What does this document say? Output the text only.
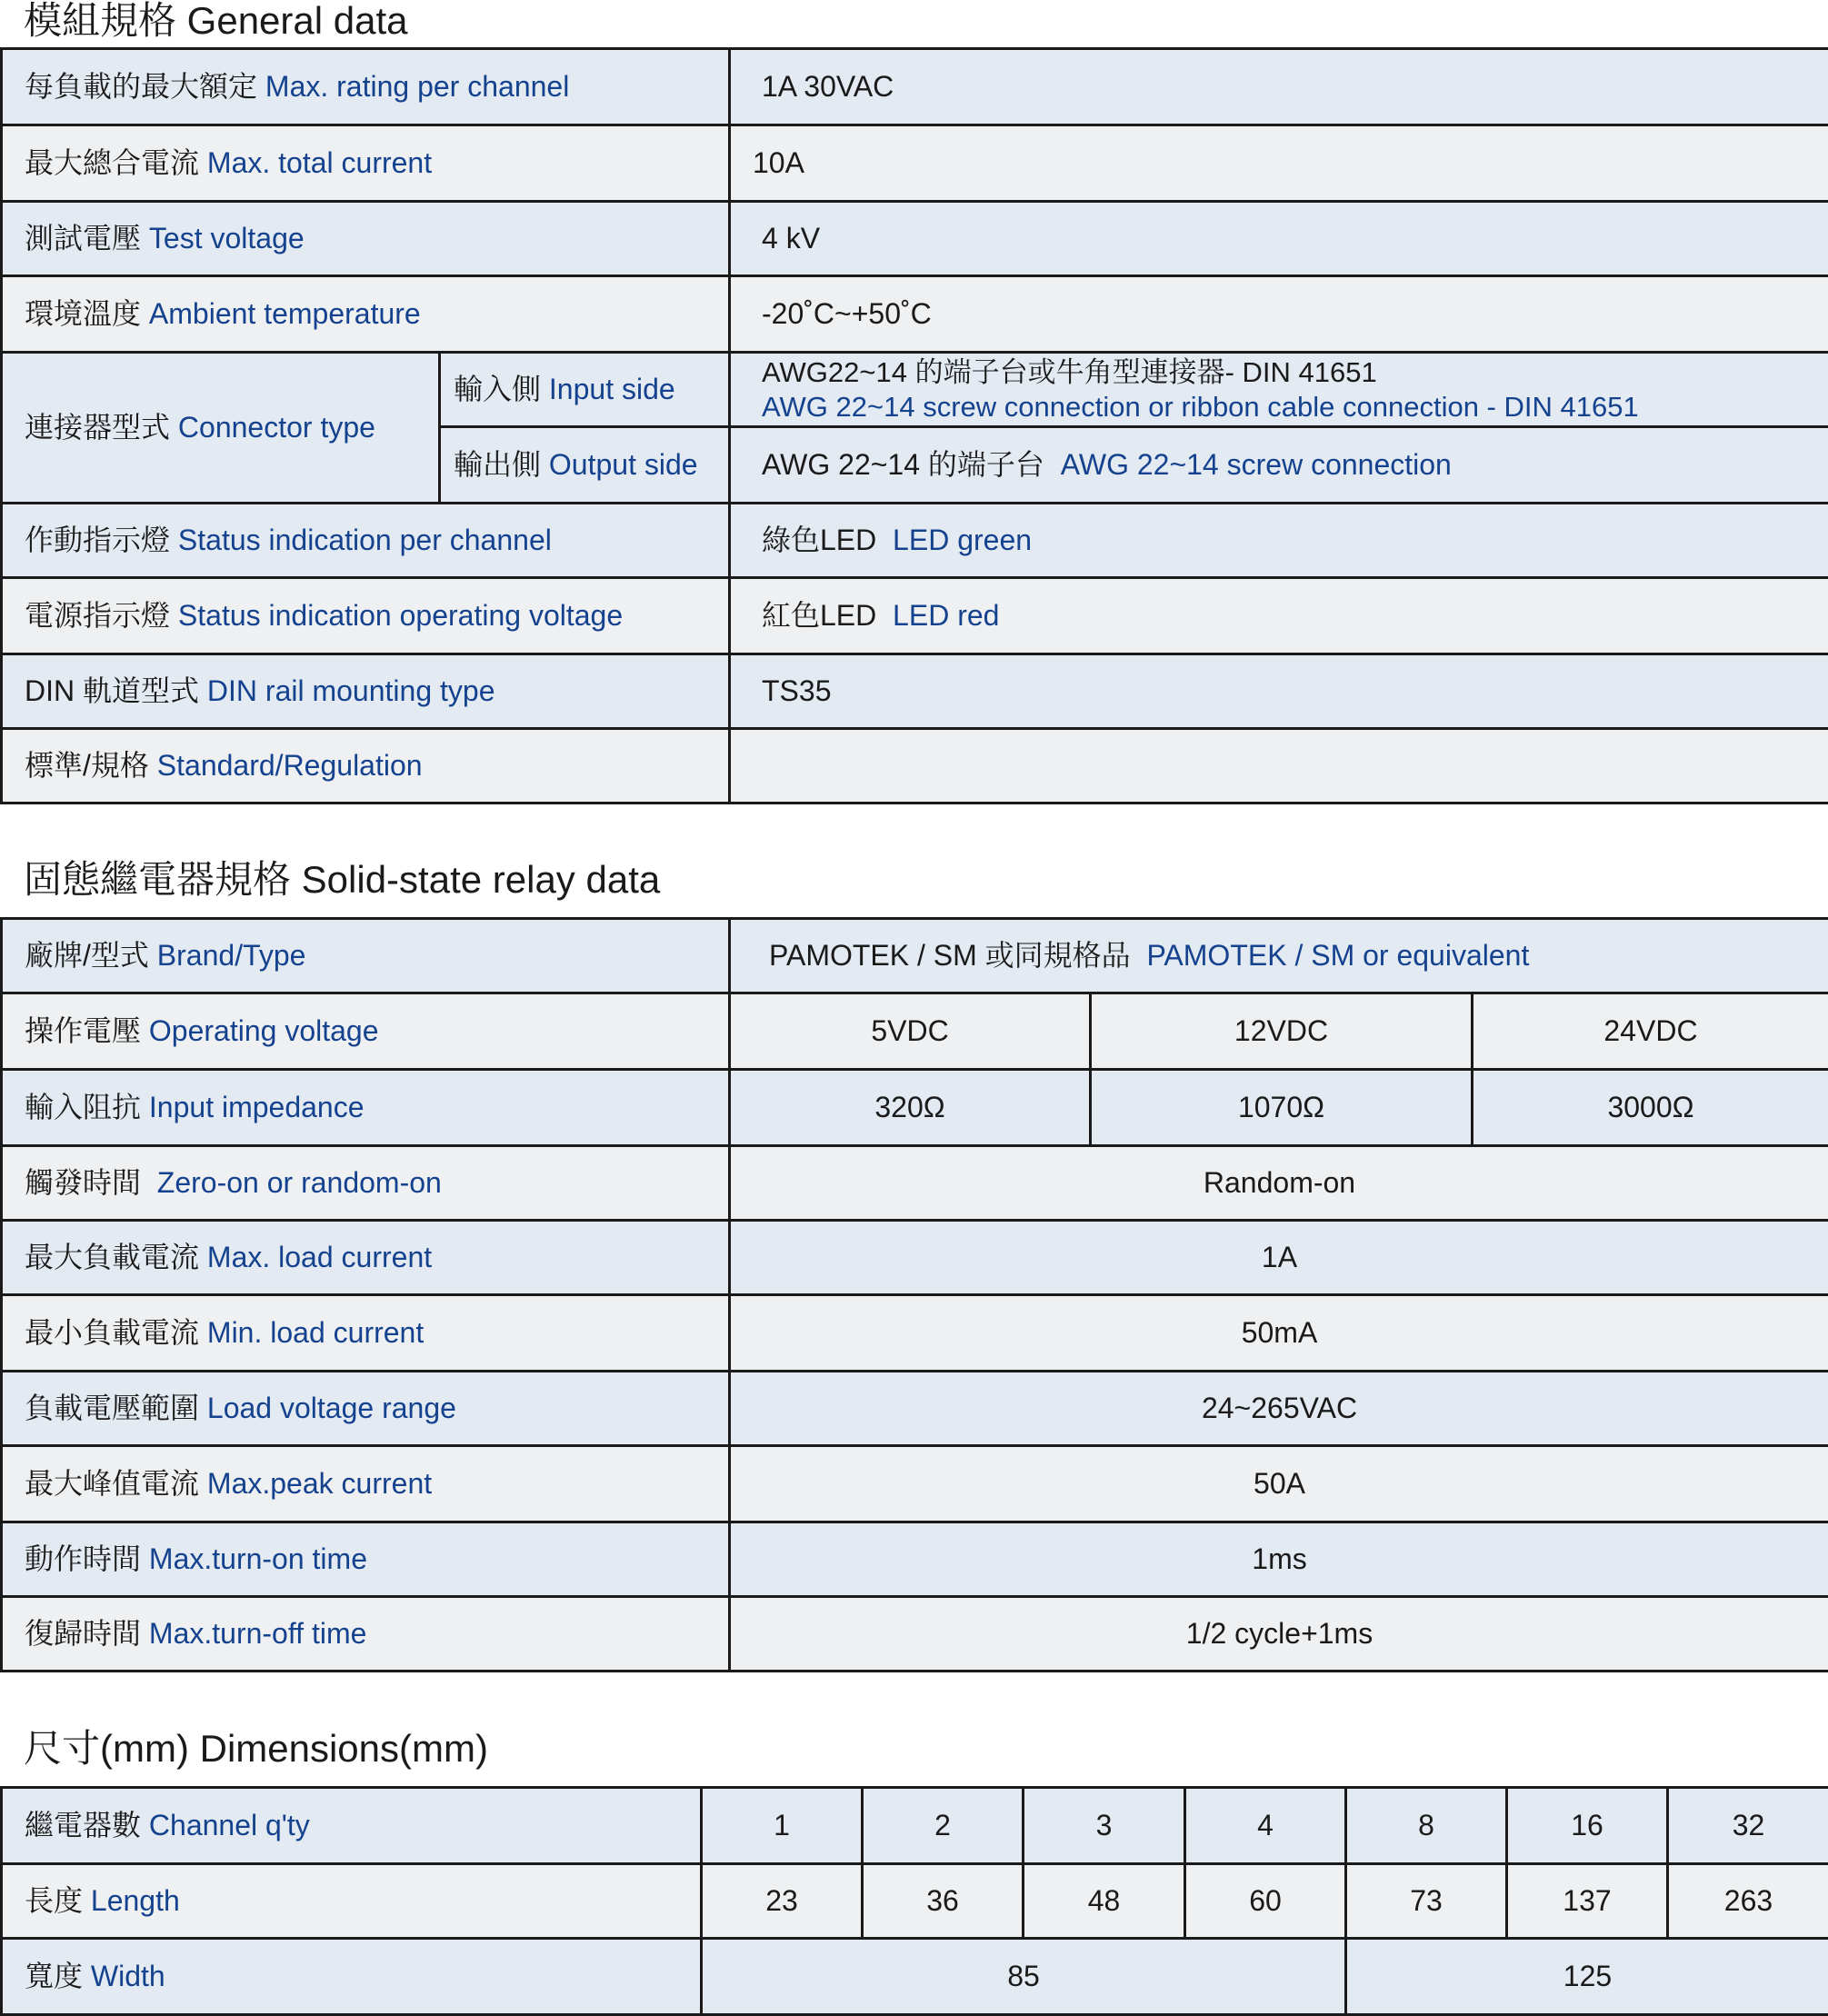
模組規格 General data
每負載的最大額定 Max. rating per channel		1A 30VAC
最大總合電流 Max. total current		10A
測試電壓 Test voltage		4 kV
環境溫度 Ambient temperature		-20˚C~+50˚C
連接器型式 Connector type	輸入側 Input side	AWG22~14 的端子台或牛角型連接器- DIN 41651
AWG 22~14 screw connection or ribbon cable connection - DIN 41651

	輸出側 Output side	AWG 22~14 的端子台 AWG 22~14 screw connection
作動指示燈 Status indication per channel		綠色LED LED green
電源指示燈 Status indication operating voltage		紅色LED LED red
DIN 軌道型式 DIN rail mounting type		TS35
標準/規格 Standard/Regulation		
固態繼電器規格 Solid-state relay data
廠牌/型式 Brand/Type	PAMOTEK / SM 或同規格品 PAMOTEK / SM or equivalent		
操作電壓 Operating voltage	5VDC	12VDC	24VDC
輸入阻抗 Input impedance	320Ω	1070Ω	3000Ω
觸發時間 Zero-on or random-on	Random-on		
最大負載電流 Max. load current	1A		
最小負載電流 Min. load current	50mA		
負載電壓範圍 Load voltage range	24~265VAC		
最大峰值電流 Max.peak current	50A		
動作時間 Max.turn-on time	1ms		
復歸時間 Max.turn-off time	1/2 cycle+1ms		
尺寸(mm) Dimensions(mm)
繼電器數 Channel q'ty	1	2	3	4	8	16	32
長度 Length	23	36	48	60	73	137	263
寬度 Width	85				125		
